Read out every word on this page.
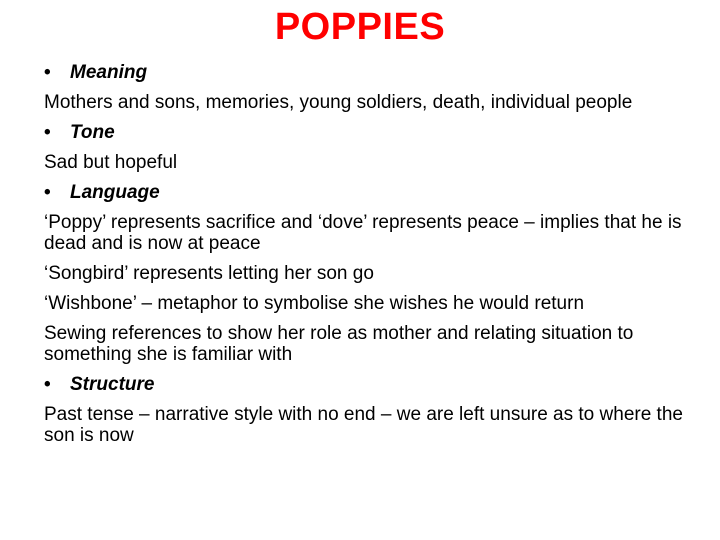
POPPIES
• Meaning
Mothers and sons, memories, young soldiers, death, individual people
• Tone
Sad but hopeful
• Language
‘Poppy’ represents sacrifice and ‘dove’ represents peace – implies that he is dead and is now at peace
‘Songbird’ represents letting her son go
‘Wishbone’ – metaphor to symbolise she wishes he would return
Sewing references to show her role as mother and relating situation to something she is familiar with
• Structure
Past tense – narrative style with no end – we are left unsure as to where the son is now
